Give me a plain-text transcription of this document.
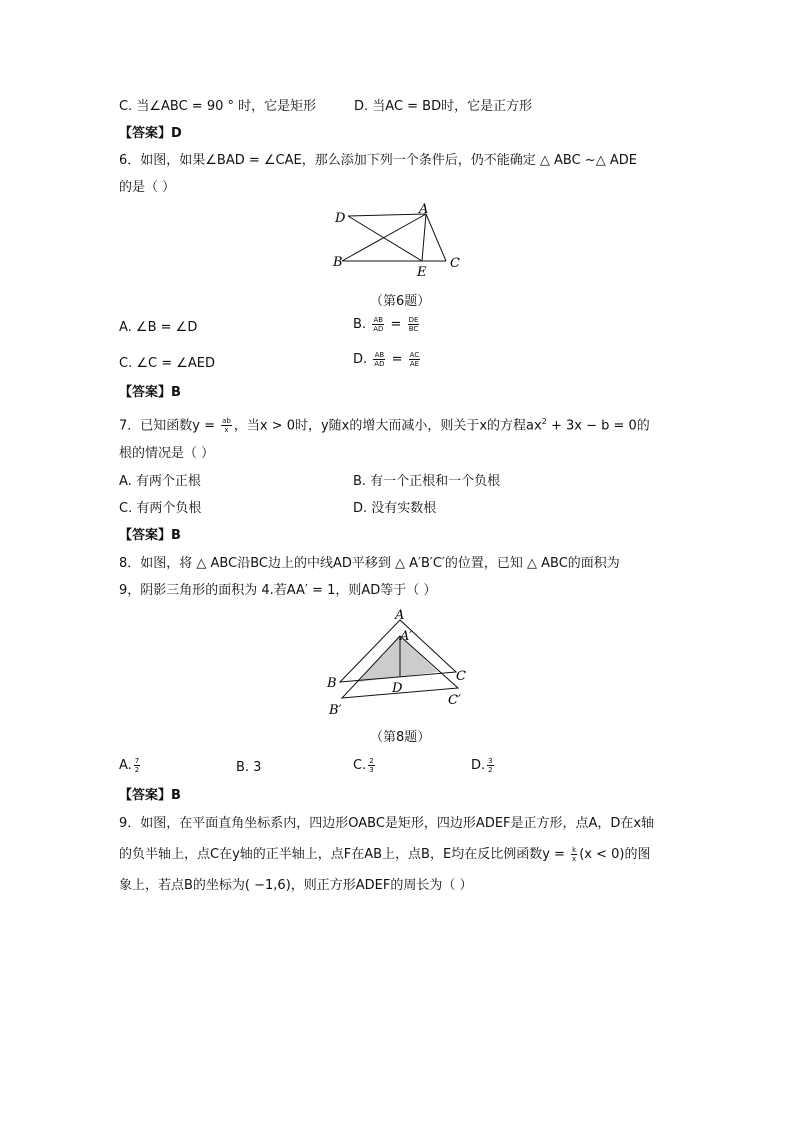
C. 当∠ABC = 90 ° 时，它是矩形	D. 当AC = BD时，它是正方形
【答案】D
6．如图，如果∠BAD = ∠CAE，那么添加下列一个条件后，仍不能确定 △ ABC ~△ ADE
的是（ ）
D
A
B
E
C
（第6题）
A. ∠B = ∠D	B. $\frac{AB}{AD} = \frac{DE}{BC}$
C. ∠C = ∠AED	D. $\frac{AB}{AD} = \frac{AC}{AE}$
【答案】B
7．已知函数$y = \frac{ab}{x}$ ，当x > 0时，y随x的增大而减小，则关于x的方程$ax^2 + 3x - b = 0$的
根的情况是（ ）
A. 有两个正根	B. 有一个正根和一个负根
C. 有两个负根	D. 没有实数根
【答案】B
8．如图，将 △ ABC沿BC边上的中线AD平移到 △ A′B′C′的位置，已知 △ ABC的面积为
9，阴影三角形的面积为 4.若AA′ = 1，则AD等于（ ）
A
A′
B	D
C
B′
C′
（第8题）
A. $\frac{7}{2}$	B. 3	C. $\frac{2}{3}$	D. $\frac{3}{2}$
【答案】B
9．如图，在平面直角坐标系内，四边形OABC是矩形，四边形ADEF是正方形，点A，D在x轴
的负半轴上，点C在y轴的正半轴上，点F在AB上，点B，E均在反比例函数$y = \frac{k}{x} (x < 0)$的图
象上，若点B的坐标为( −1,6)，则正方形ADEF的周长为（ ）
